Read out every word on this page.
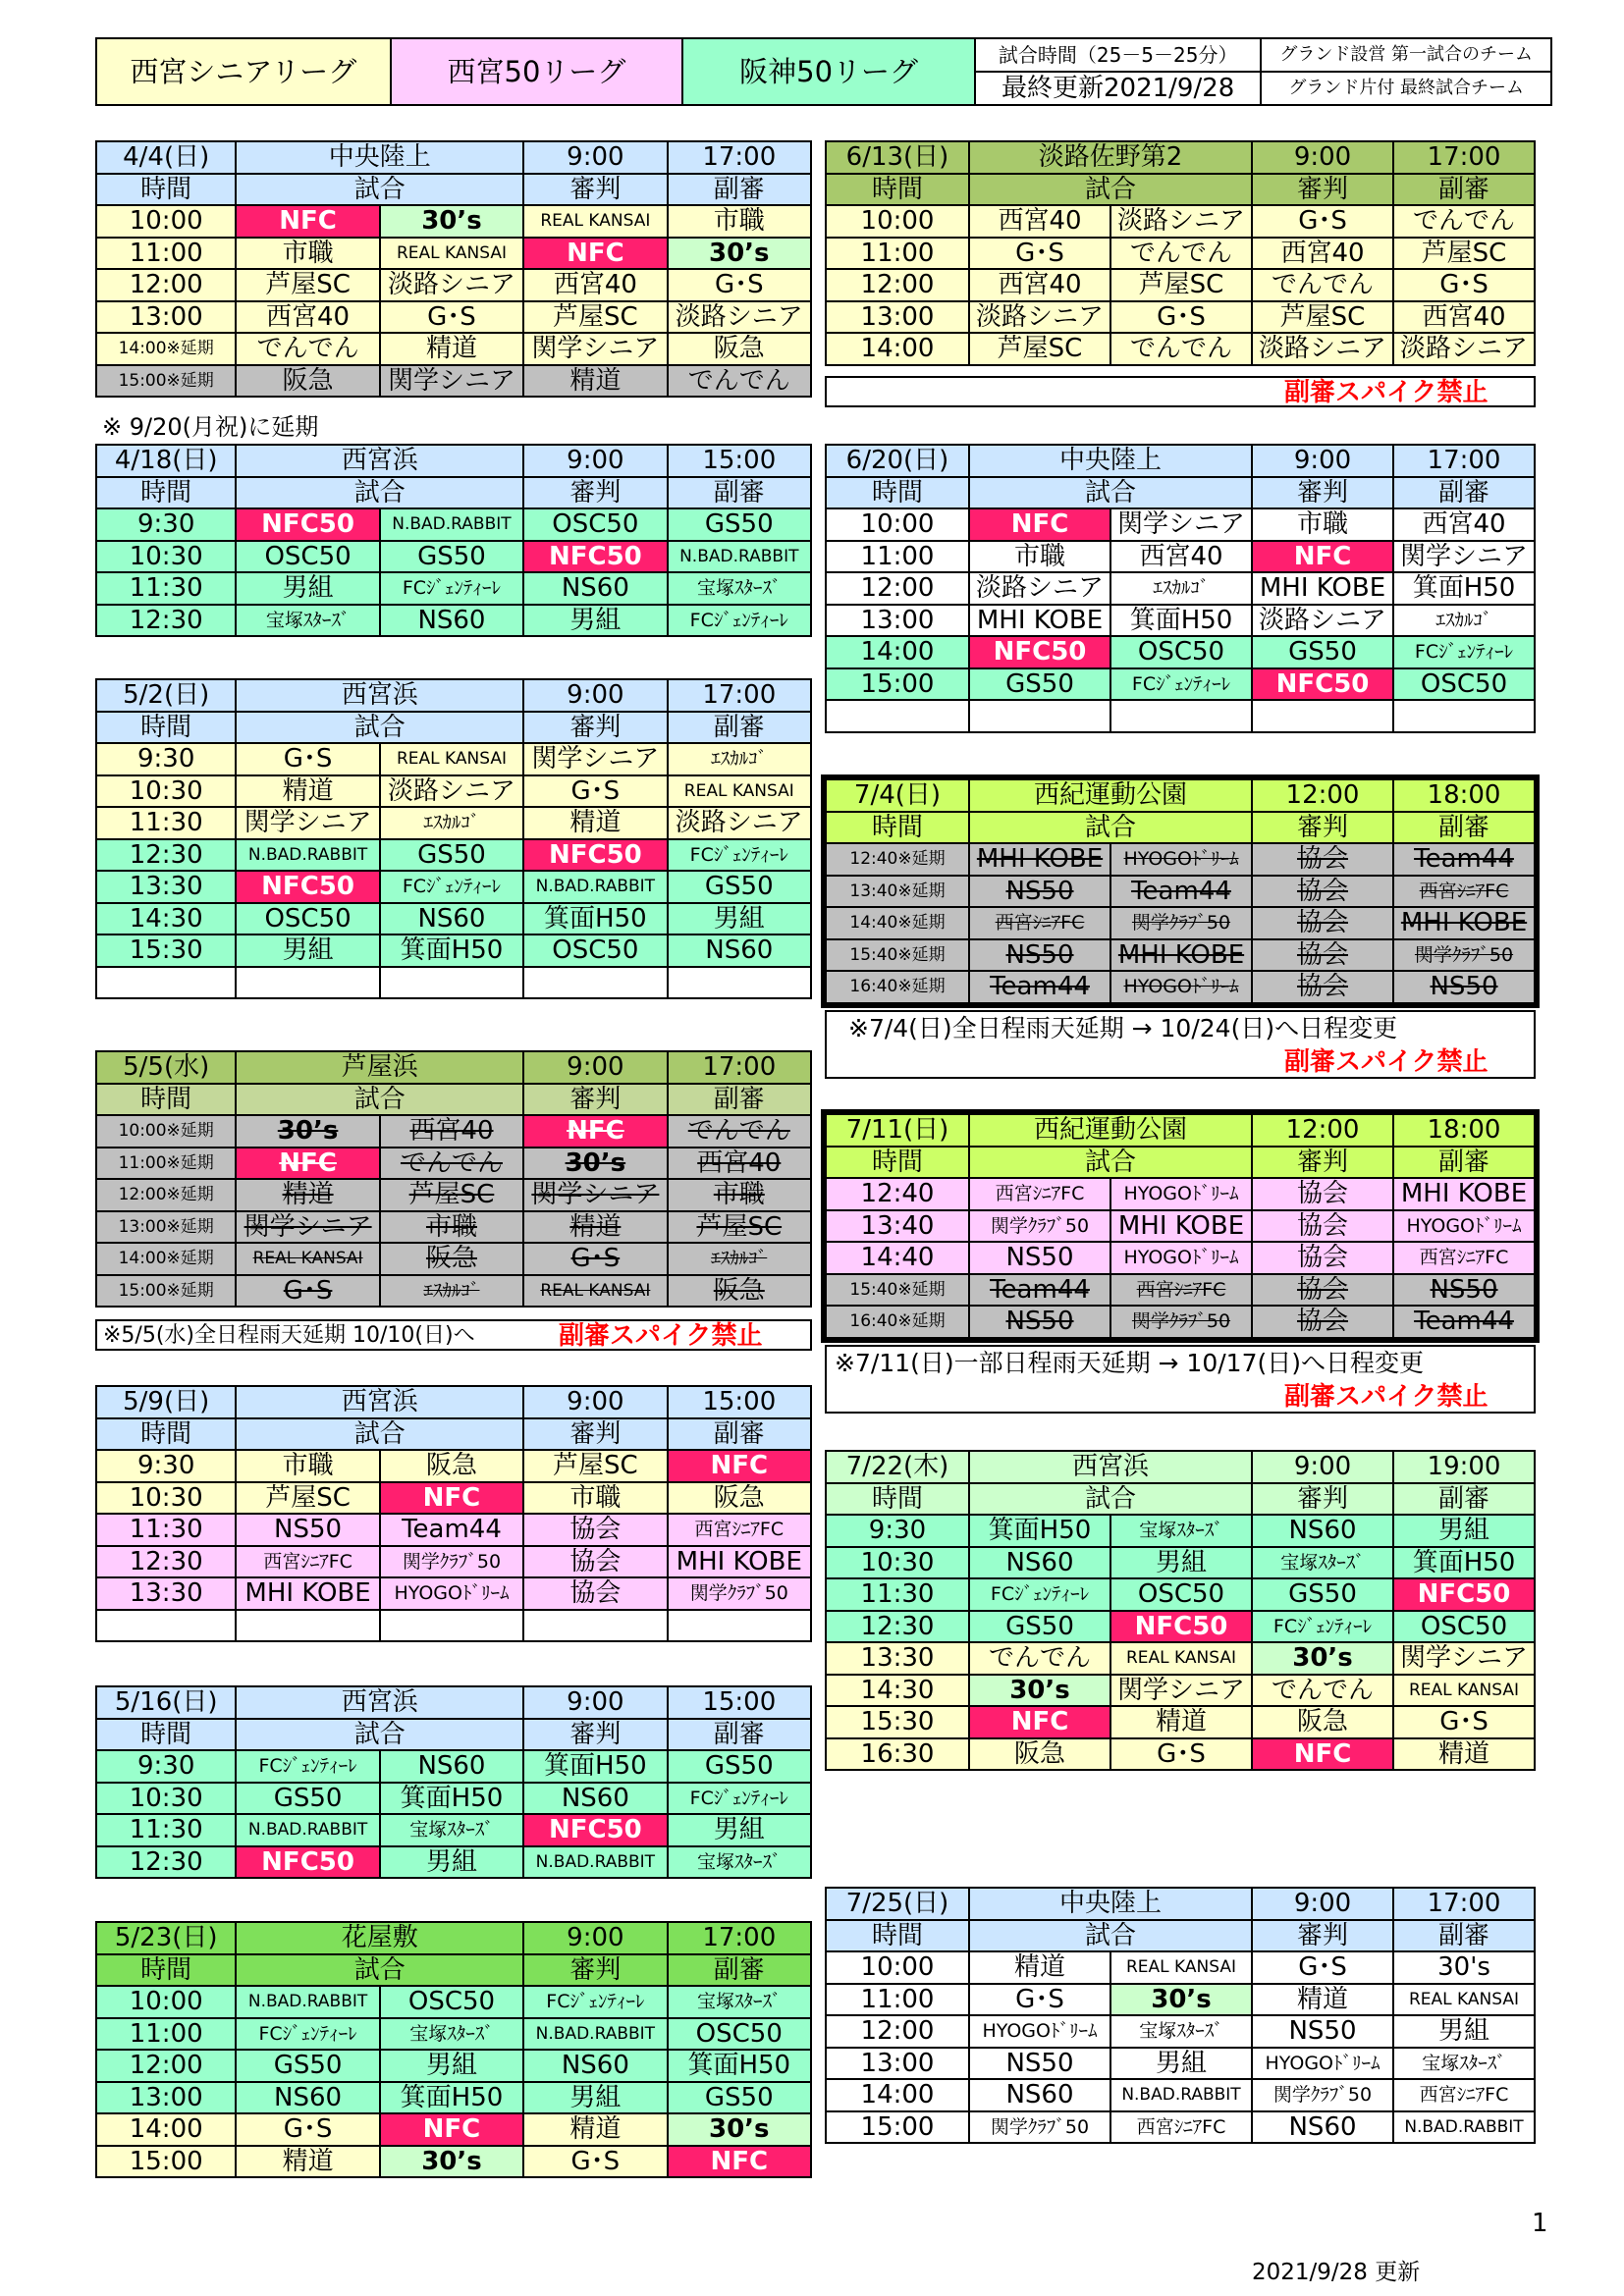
西宮シニアリーグ	西宮50リーグ	阪神50リーグ	試合時間（25－5－25分）	グランド設営 第一試合のチーム
			最終更新2021/9/28	グランド片付 最終試合チーム
4/4(日)	中央陸上		9:00	17:00
時間	試合		審判	副審
10:00	NFC	30’s	REAL KANSAI	市職
11:00	市職	REAL KANSAI	NFC	30’s
12:00	芦屋SC	淡路シニア	西宮40	G･S
13:00	西宮40	G･S	芦屋SC	淡路シニア
14:00※延期	でんでん	精道	関学シニア	阪急
15:00※延期	阪急	関学シニア	精道	でんでん
※ 9/20(月祝)に延期
4/18(日)	西宮浜		9:00	15:00
時間	試合		審判	副審
9:30	NFC50	N.BAD.RABBIT	OSC50	GS50
10:30	OSC50	GS50	NFC50	N.BAD.RABBIT
11:30	男組	FCｼﾞｪﾝﾃｨｰﾚ	NS60	宝塚ｽﾀｰｽﾞ
12:30	宝塚ｽﾀｰｽﾞ	NS60	男組	FCｼﾞｪﾝﾃｨｰﾚ
5/2(日)	西宮浜		9:00	17:00
時間	試合		審判	副審
9:30	G･S	REAL KANSAI	関学シニア	ｴｽｶﾙｺﾞ
10:30	精道	淡路シニア	G･S	REAL KANSAI
11:30	関学シニア	ｴｽｶﾙｺﾞ	精道	淡路シニア
12:30	N.BAD.RABBIT	GS50	NFC50	FCｼﾞｪﾝﾃｨｰﾚ
13:30	NFC50	FCｼﾞｪﾝﾃｨｰﾚ	N.BAD.RABBIT	GS50
14:30	OSC50	NS60	箕面H50	男組
15:30	男組	箕面H50	OSC50	NS60

5/5(水)	芦屋浜		9:00	17:00
時間	試合		審判	副審
10:00※延期	30’s	西宮40	NFC	でんでん
11:00※延期	NFC	でんでん	30’s	西宮40
12:00※延期	精道	芦屋SC	関学シニア	市職
13:00※延期	関学シニア	市職	精道	芦屋SC
14:00※延期	REAL KANSAI	阪急	G･S	ｴｽｶﾙｺﾞ
15:00※延期	G･S	ｴｽｶﾙｺﾞ	REAL KANSAI	阪急
※5/5(水)全日程雨天延期 10/10(日)へ	副審スパイク禁止
5/9(日)	西宮浜		9:00	15:00
時間	試合		審判	副審
9:30	市職	阪急	芦屋SC	NFC
10:30	芦屋SC	NFC	市職	阪急
11:30	NS50	Team44	協会	西宮ｼﾆｱFC
12:30	西宮ｼﾆｱFC	関学ｸﾗﾌﾞ50	協会	MHI KOBE
13:30	MHI KOBE	HYOGOﾄﾞﾘｰﾑ	協会	関学ｸﾗﾌﾞ50

5/16(日)	西宮浜		9:00	15:00
時間	試合		審判	副審
9:30	FCｼﾞｪﾝﾃｨｰﾚ	NS60	箕面H50	GS50
10:30	GS50	箕面H50	NS60	FCｼﾞｪﾝﾃｨｰﾚ
11:30	N.BAD.RABBIT	宝塚ｽﾀｰｽﾞ	NFC50	男組
12:30	NFC50	男組	N.BAD.RABBIT	宝塚ｽﾀｰｽﾞ
5/23(日)	花屋敷		9:00	17:00
時間	試合		審判	副審
10:00	N.BAD.RABBIT	OSC50	FCｼﾞｪﾝﾃｨｰﾚ	宝塚ｽﾀｰｽﾞ
11:00	FCｼﾞｪﾝﾃｨｰﾚ	宝塚ｽﾀｰｽﾞ	N.BAD.RABBIT	OSC50
12:00	GS50	男組	NS60	箕面H50
13:00	NS60	箕面H50	男組	GS50
14:00	G･S	NFC	精道	30’s
15:00	精道	30’s	G･S	NFC
6/13(日)	淡路佐野第2		9:00	17:00
時間	試合		審判	副審
10:00	西宮40	淡路シニア	G･S	でんでん
11:00	G･S	でんでん	西宮40	芦屋SC
12:00	西宮40	芦屋SC	でんでん	G･S
13:00	淡路シニア	G･S	芦屋SC	西宮40
14:00	芦屋SC	でんでん	淡路シニア	淡路シニア
副審スパイク禁止
6/20(日)	中央陸上		9:00	17:00
時間	試合		審判	副審
10:00	NFC	関学シニア	市職	西宮40
11:00	市職	西宮40	NFC	関学シニア
12:00	淡路シニア	ｴｽｶﾙｺﾞ	MHI KOBE	箕面H50
13:00	MHI KOBE	箕面H50	淡路シニア	ｴｽｶﾙｺﾞ
14:00	NFC50	OSC50	GS50	FCｼﾞｪﾝﾃｨｰﾚ
15:00	GS50	FCｼﾞｪﾝﾃｨｰﾚ	NFC50	OSC50

7/4(日)	西紀運動公園		12:00	18:00
時間	試合		審判	副審
12:40※延期	MHI KOBE	HYOGOﾄﾞﾘｰﾑ	協会	Team44
13:40※延期	NS50	Team44	協会	西宮ｼﾆｱFC
14:40※延期	西宮ｼﾆｱFC	関学ｸﾗﾌﾞ50	協会	MHI KOBE
15:40※延期	NS50	MHI KOBE	協会	関学ｸﾗﾌﾞ50
16:40※延期	Team44	HYOGOﾄﾞﾘｰﾑ	協会	NS50
※7/4(日)全日程雨天延期 → 10/24(日)へ日程変更
副審スパイク禁止
7/11(日)	西紀運動公園		12:00	18:00
時間	試合		審判	副審
12:40	西宮ｼﾆｱFC	HYOGOﾄﾞﾘｰﾑ	協会	MHI KOBE
13:40	関学ｸﾗﾌﾞ50	MHI KOBE	協会	HYOGOﾄﾞﾘｰﾑ
14:40	NS50	HYOGOﾄﾞﾘｰﾑ	協会	西宮ｼﾆｱFC
15:40※延期	Team44	西宮ｼﾆｱFC	協会	NS50
16:40※延期	NS50	関学ｸﾗﾌﾞ50	協会	Team44
※7/11(日)一部日程雨天延期 → 10/17(日)へ日程変更
副審スパイク禁止
7/22(木)	西宮浜		9:00	19:00
時間	試合		審判	副審
9:30	箕面H50	宝塚ｽﾀｰｽﾞ	NS60	男組
10:30	NS60	男組	宝塚ｽﾀｰｽﾞ	箕面H50
11:30	FCｼﾞｪﾝﾃｨｰﾚ	OSC50	GS50	NFC50
12:30	GS50	NFC50	FCｼﾞｪﾝﾃｨｰﾚ	OSC50
13:30	でんでん	REAL KANSAI	30’s	関学シニア
14:30	30’s	関学シニア	でんでん	REAL KANSAI
15:30	NFC	精道	阪急	G･S
16:30	阪急	G･S	NFC	精道
7/25(日)	中央陸上		9:00	17:00
時間	試合		審判	副審
10:00	精道	REAL KANSAI	G･S	30's
11:00	G･S	30’s	精道	REAL KANSAI
12:00	HYOGOﾄﾞﾘｰﾑ	宝塚ｽﾀｰｽﾞ	NS50	男組
13:00	NS50	男組	HYOGOﾄﾞﾘｰﾑ	宝塚ｽﾀｰｽﾞ
14:00	NS60	N.BAD.RABBIT	関学ｸﾗﾌﾞ50	西宮ｼﾆｱFC
15:00	関学ｸﾗﾌﾞ50	西宮ｼﾆｱFC	NS60	N.BAD.RABBIT
1
2021/9/28 更新
